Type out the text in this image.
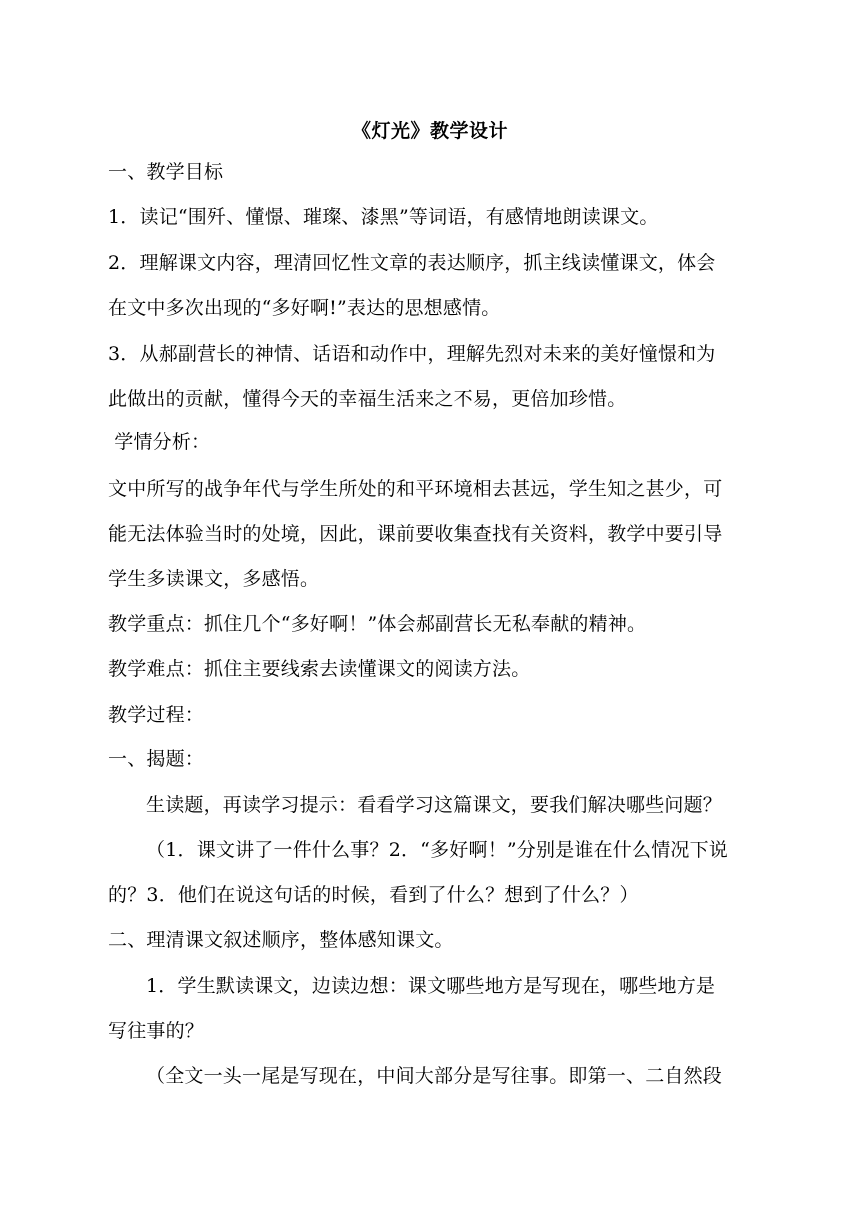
《灯光》教学设计
一、教学目标
1．读记“围歼、懂憬、璀璨、漆黑”等词语，有感情地朗读课文。
2．理解课文内容，理清回忆性文章的表达顺序，抓主线读懂课文，体会
在文中多次出现的“多好啊!”表达的思想感情。
3．从郝副营长的神情、话语和动作中，理解先烈对未来的美好憧憬和为
此做出的贡献，懂得今天的幸福生活来之不易，更倍加珍惜。
学情分析：
文中所写的战争年代与学生所处的和平环境相去甚远，学生知之甚少，可
能无法体验当时的处境，因此，课前要收集查找有关资料，教学中要引导
学生多读课文，多感悟。
教学重点：抓住几个“多好啊！”体会郝副营长无私奉献的精神。
教学难点：抓住主要线索去读懂课文的阅读方法。
教学过程：
一、揭题：
生读题，再读学习提示：看看学习这篇课文，要我们解决哪些问题？
（1．课文讲了一件什么事？2．“多好啊！”分别是谁在什么情况下说
的？3．他们在说这句话的时候，看到了什么？想到了什么？）
二、理清课文叙述顺序，整体感知课文。
1．学生默读课文，边读边想：课文哪些地方是写现在，哪些地方是
写往事的？
（全文一头一尾是写现在，中间大部分是写往事。即第一、二自然段
